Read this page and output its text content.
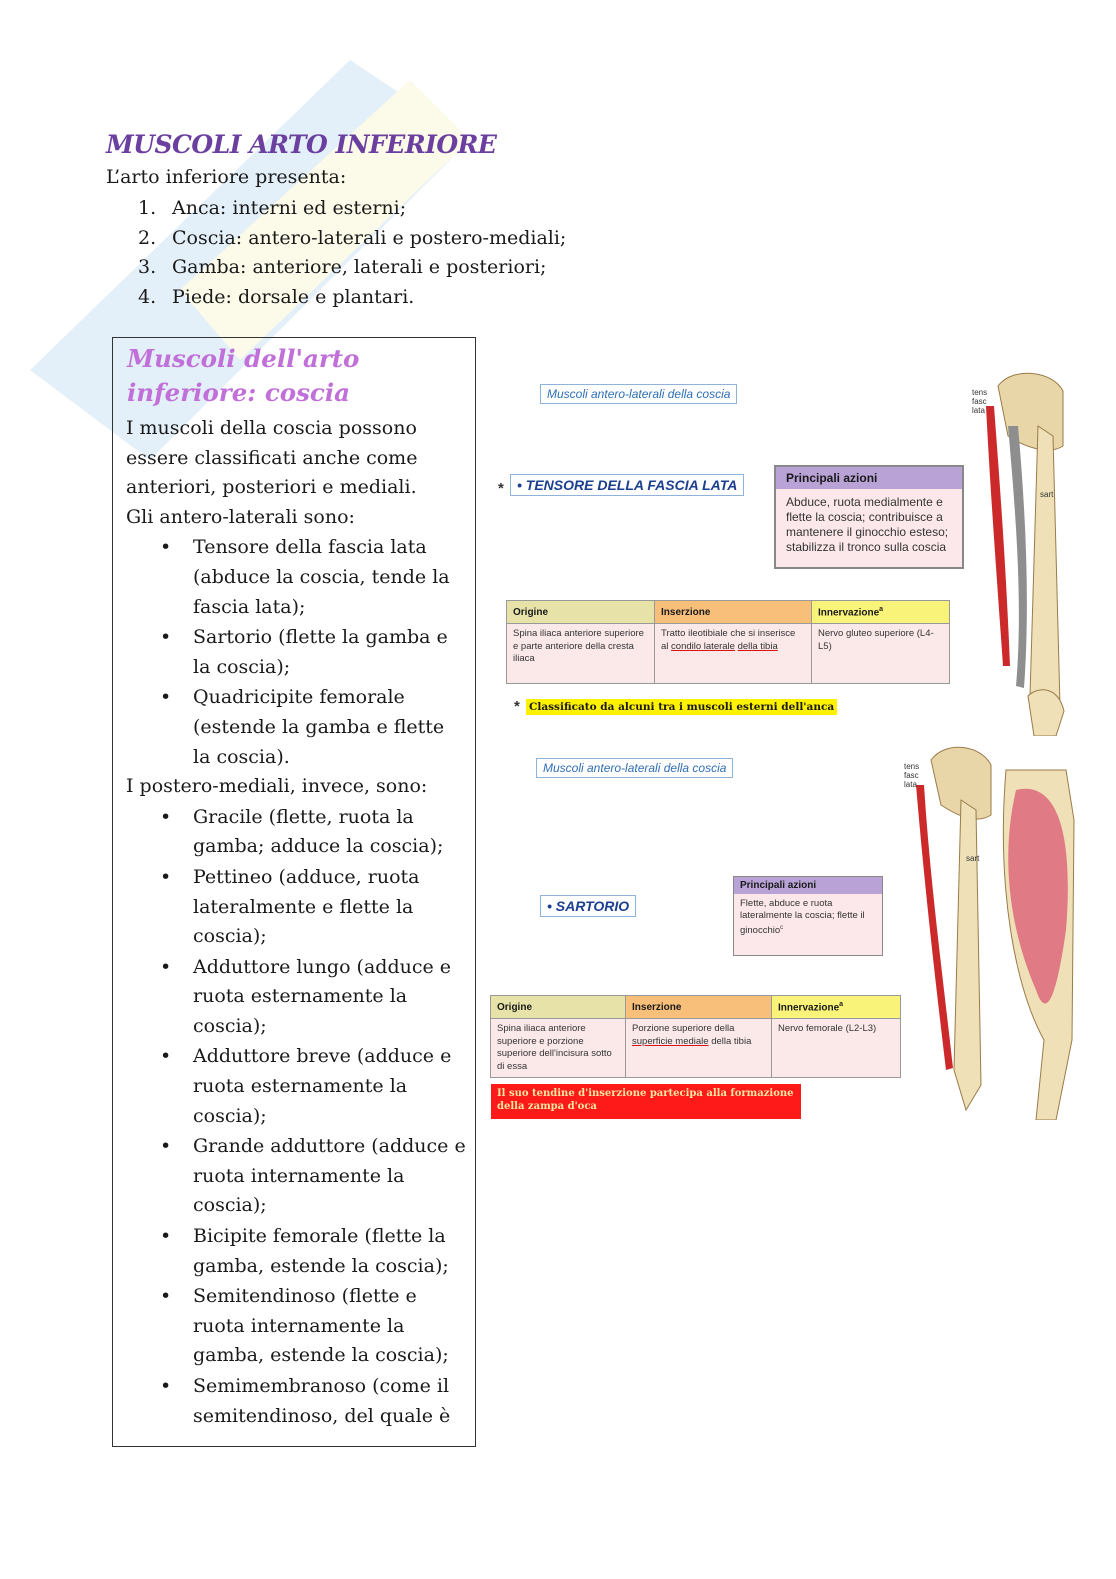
MUSCOLI ARTO INFERIORE

L’arto inferiore presenta:

1. Anca: interni ed esterni;
2. Coscia: antero-laterali e postero-mediali;
3. Gamba: anteriore, laterali e posteriori;
4. Piede: dorsale e plantari.
Muscoli dell'arto inferiore: coscia

I muscoli della coscia possono essere classificati anche come anteriori, posteriori e mediali.

Gli antero-laterali sono:

• Tensore della fascia lata (abduce la coscia, tende la fascia lata);
• Sartorio (flette la gamba e la coscia);
• Quadricipite femorale (estende la gamba e flette la coscia).

I postero-mediali, invece, sono:

• Gracile (flette, ruota la gamba; adduce la coscia);
• Pettineo (adduce, ruota lateralmente e flette la coscia);
• Adduttore lungo (adduce e ruota esternamente la coscia);
• Adduttore breve (adduce e ruota esternamente la coscia);
• Grande adduttore (adduce e ruota internamente la coscia);
• Bicipite femorale (flette la gamba, estende la coscia);
• Semitendinoso (flette e ruota internamente la gamba, estende la coscia);
• Semimembranoso (come il semitendinoso, del quale è
Muscoli antero-laterali della coscia
* • TENSORE DELLA FASCIA LATA	Principali azioni
Abduce, ruota medialmente e flette la coscia; contribuisce a mantenere il ginocchio esteso; stabilizza il tronco sulla coscia
Origine	Inserzione	Innervazione$^a$
Spina iliaca anteriore superiore e parte anteriore della cresta iliaca	Tratto ileotibiale che si inserisce al condilo laterale della tibia	Nervo gluteo superiore (L4-L5)
* Classificato da alcuni tra i muscoli esterni dell'anca
tens fasc lata
sart
Muscoli antero-laterali della coscia
• SARTORIO
Principali azioni
Flette, abduce e ruota lateralmente la coscia; flette il ginocchio$^c$
Origine	Inserzione	Innervazione$^a$
Spina iliaca anteriore superiore e porzione superiore dell'incisura sotto di essa	Porzione superiore della superficie mediale della tibia	Nervo femorale (L2-L3)
Il suo tendine d'inserzione partecipa alla formazione della zampa d'oca
tens fasc lata
sart
